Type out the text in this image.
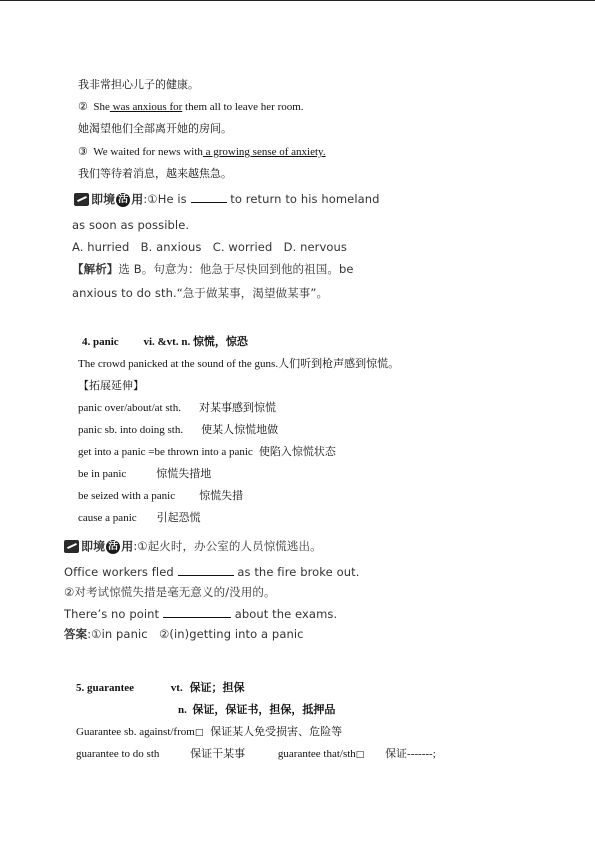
我非常担心儿子的健康。
② She was anxious for them all to leave her room.
她渴望他们全部离开她的房间。
③ We waited for news with a growing sense of anxiety.
我们等待着消息，越来越焦急。
即境 活 用:①He is	to return to his homeland
as soon as possible.
A. hurried   B. anxious   C. worried   D. nervous
【解析】选 B。句意为：他急于尽快回到他的祖国。be
anxious to do sth.“急于做某事，渴望做某事”。
4. panic vi. &vt. n. 惊慌，惊恐
The crowd panicked at the sound of the guns.人们听到枪声感到惊慌。
【拓展延伸】
panic over/about/at sth. 对某事感到惊慌
panic sb. into doing sth. 使某人惊慌地做
get into a panic =be thrown into a panic 使陷入惊慌状态
be in panic	惊慌失措地
be seized with a panic 惊慌失措
cause a panic 引起恐慌
即境 活 用:①起火时，办公室的人员惊慌逃出。
Office workers fled	as the fire broke out.
②对考试惊慌失措是毫无意义的/没用的。
There’s no point	about the exams.
答案:①in panic   ②(in)getting into a panic
5. guarantee	vt. 保证；担保
n.  保证，保证书，担保，抵押品
Guarantee sb. against/from□ 保证某人免受损害、危险等
guarantee to do sth	保证干某事	guarantee that/sth□ 保证-------;
